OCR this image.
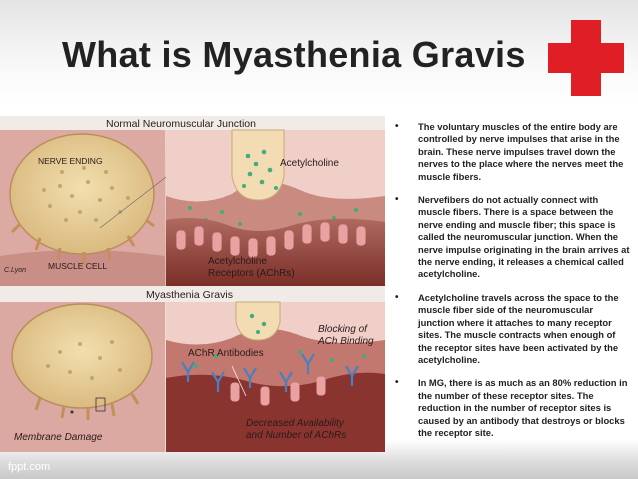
What is Myasthenia Gravis
Normal Neuromuscular Junction
NERVE ENDING
MUSCLE CELL
C.Lyon
Acetylcholine
Acetylcholine
Receptors (AChRs)
Myasthenia Gravis
Membrane Damage
AChR Antibodies
Blocking of
ACh Binding
Decreased Availability
and Number of AChRs
• The voluntary muscles of the entire body are controlled by nerve impulses that arise in the brain. These nerve impulses travel down the nerves to the place where the nerves meet the muscle fibers.
• Nervefibers do not actually connect with muscle fibers. There is a space between the nerve ending and muscle fiber; this space is called the neuromuscular junction. When the nerve impulse originating in the brain arrives at the nerve ending, it releases a chemical called acetylcholine.
• Acetylcholine travels across the space to the muscle fiber side of the neuromuscular junction where it attaches to many receptor sites. The muscle contracts when enough of the receptor sites have been activated by the acetylcholine.
• In MG, there is as much as an 80% reduction in the number of these receptor sites. The reduction in the number of receptor sites is caused by an antibody that destroys or blocks the receptor site.
fppt.com
